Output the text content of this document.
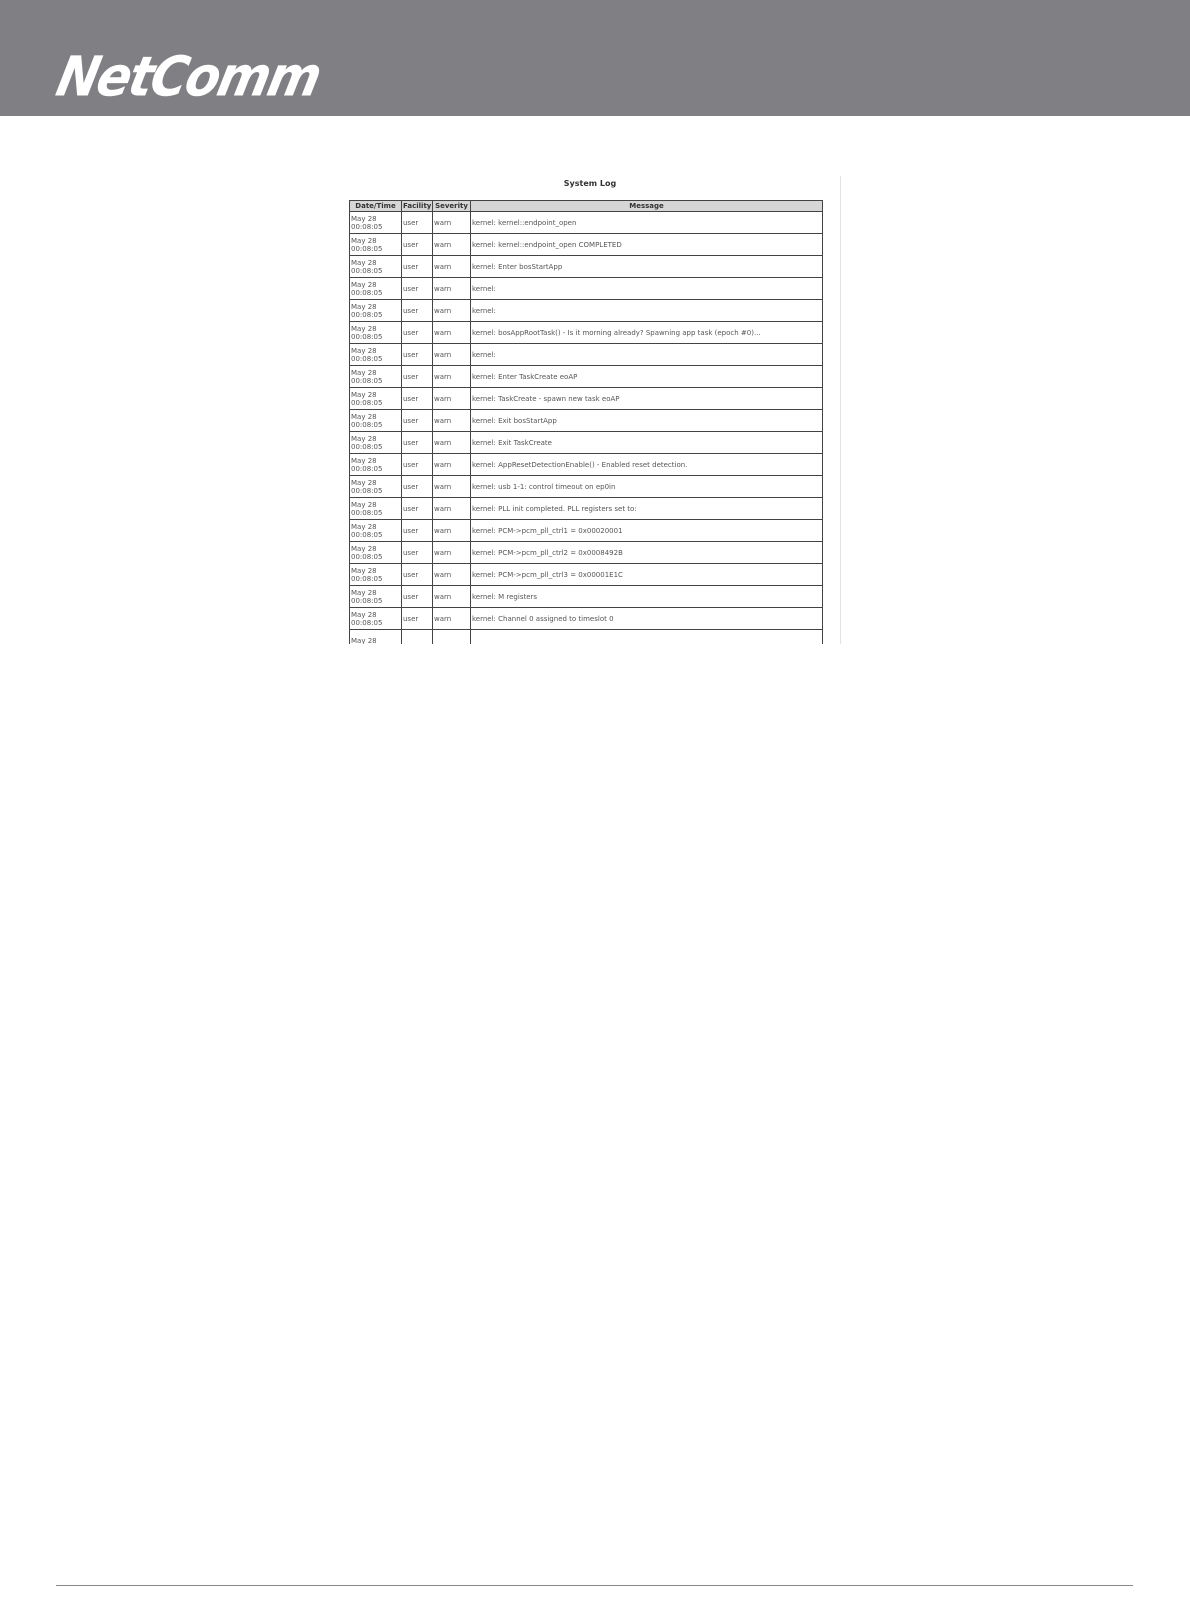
NetComm
System Log
Date/Time	Facility	Severity	Message

May 28
00:08:05	user	warn	kernel: kernel::endpoint_open

May 28
00:08:05	user	warn	kernel: kernel::endpoint_open COMPLETED

May 28
00:08:05	user	warn	kernel: Enter bosStartApp

May 28
00:08:05	user	warn	kernel:

May 28
00:08:05	user	warn	kernel:

May 28
00:08:05	user	warn	kernel: bosAppRootTask() - Is it morning already? Spawning app task (epoch #0)...

May 28
00:08:05	user	warn	kernel:

May 28
00:08:05	user	warn	kernel: Enter TaskCreate eoAP

May 28
00:08:05	user	warn	kernel: TaskCreate - spawn new task eoAP

May 28
00:08:05	user	warn	kernel: Exit bosStartApp

May 28
00:08:05	user	warn	kernel: Exit TaskCreate

May 28
00:08:05	user	warn	kernel: AppResetDetectionEnable() - Enabled reset detection.

May 28
00:08:05	user	warn	kernel: usb 1-1: control timeout on ep0in

May 28
00:08:05	user	warn	kernel: PLL init completed. PLL registers set to:

May 28
00:08:05	user	warn	kernel: PCM->pcm_pll_ctrl1 = 0x00020001

May 28
00:08:05	user	warn	kernel: PCM->pcm_pll_ctrl2 = 0x0008492B

May 28
00:08:05	user	warn	kernel: PCM->pcm_pll_ctrl3 = 0x00001E1C

May 28
00:08:05	user	warn	kernel: M registers

May 28
00:08:05	user	warn	kernel: Channel 0 assigned to timeslot 0

May 28			
